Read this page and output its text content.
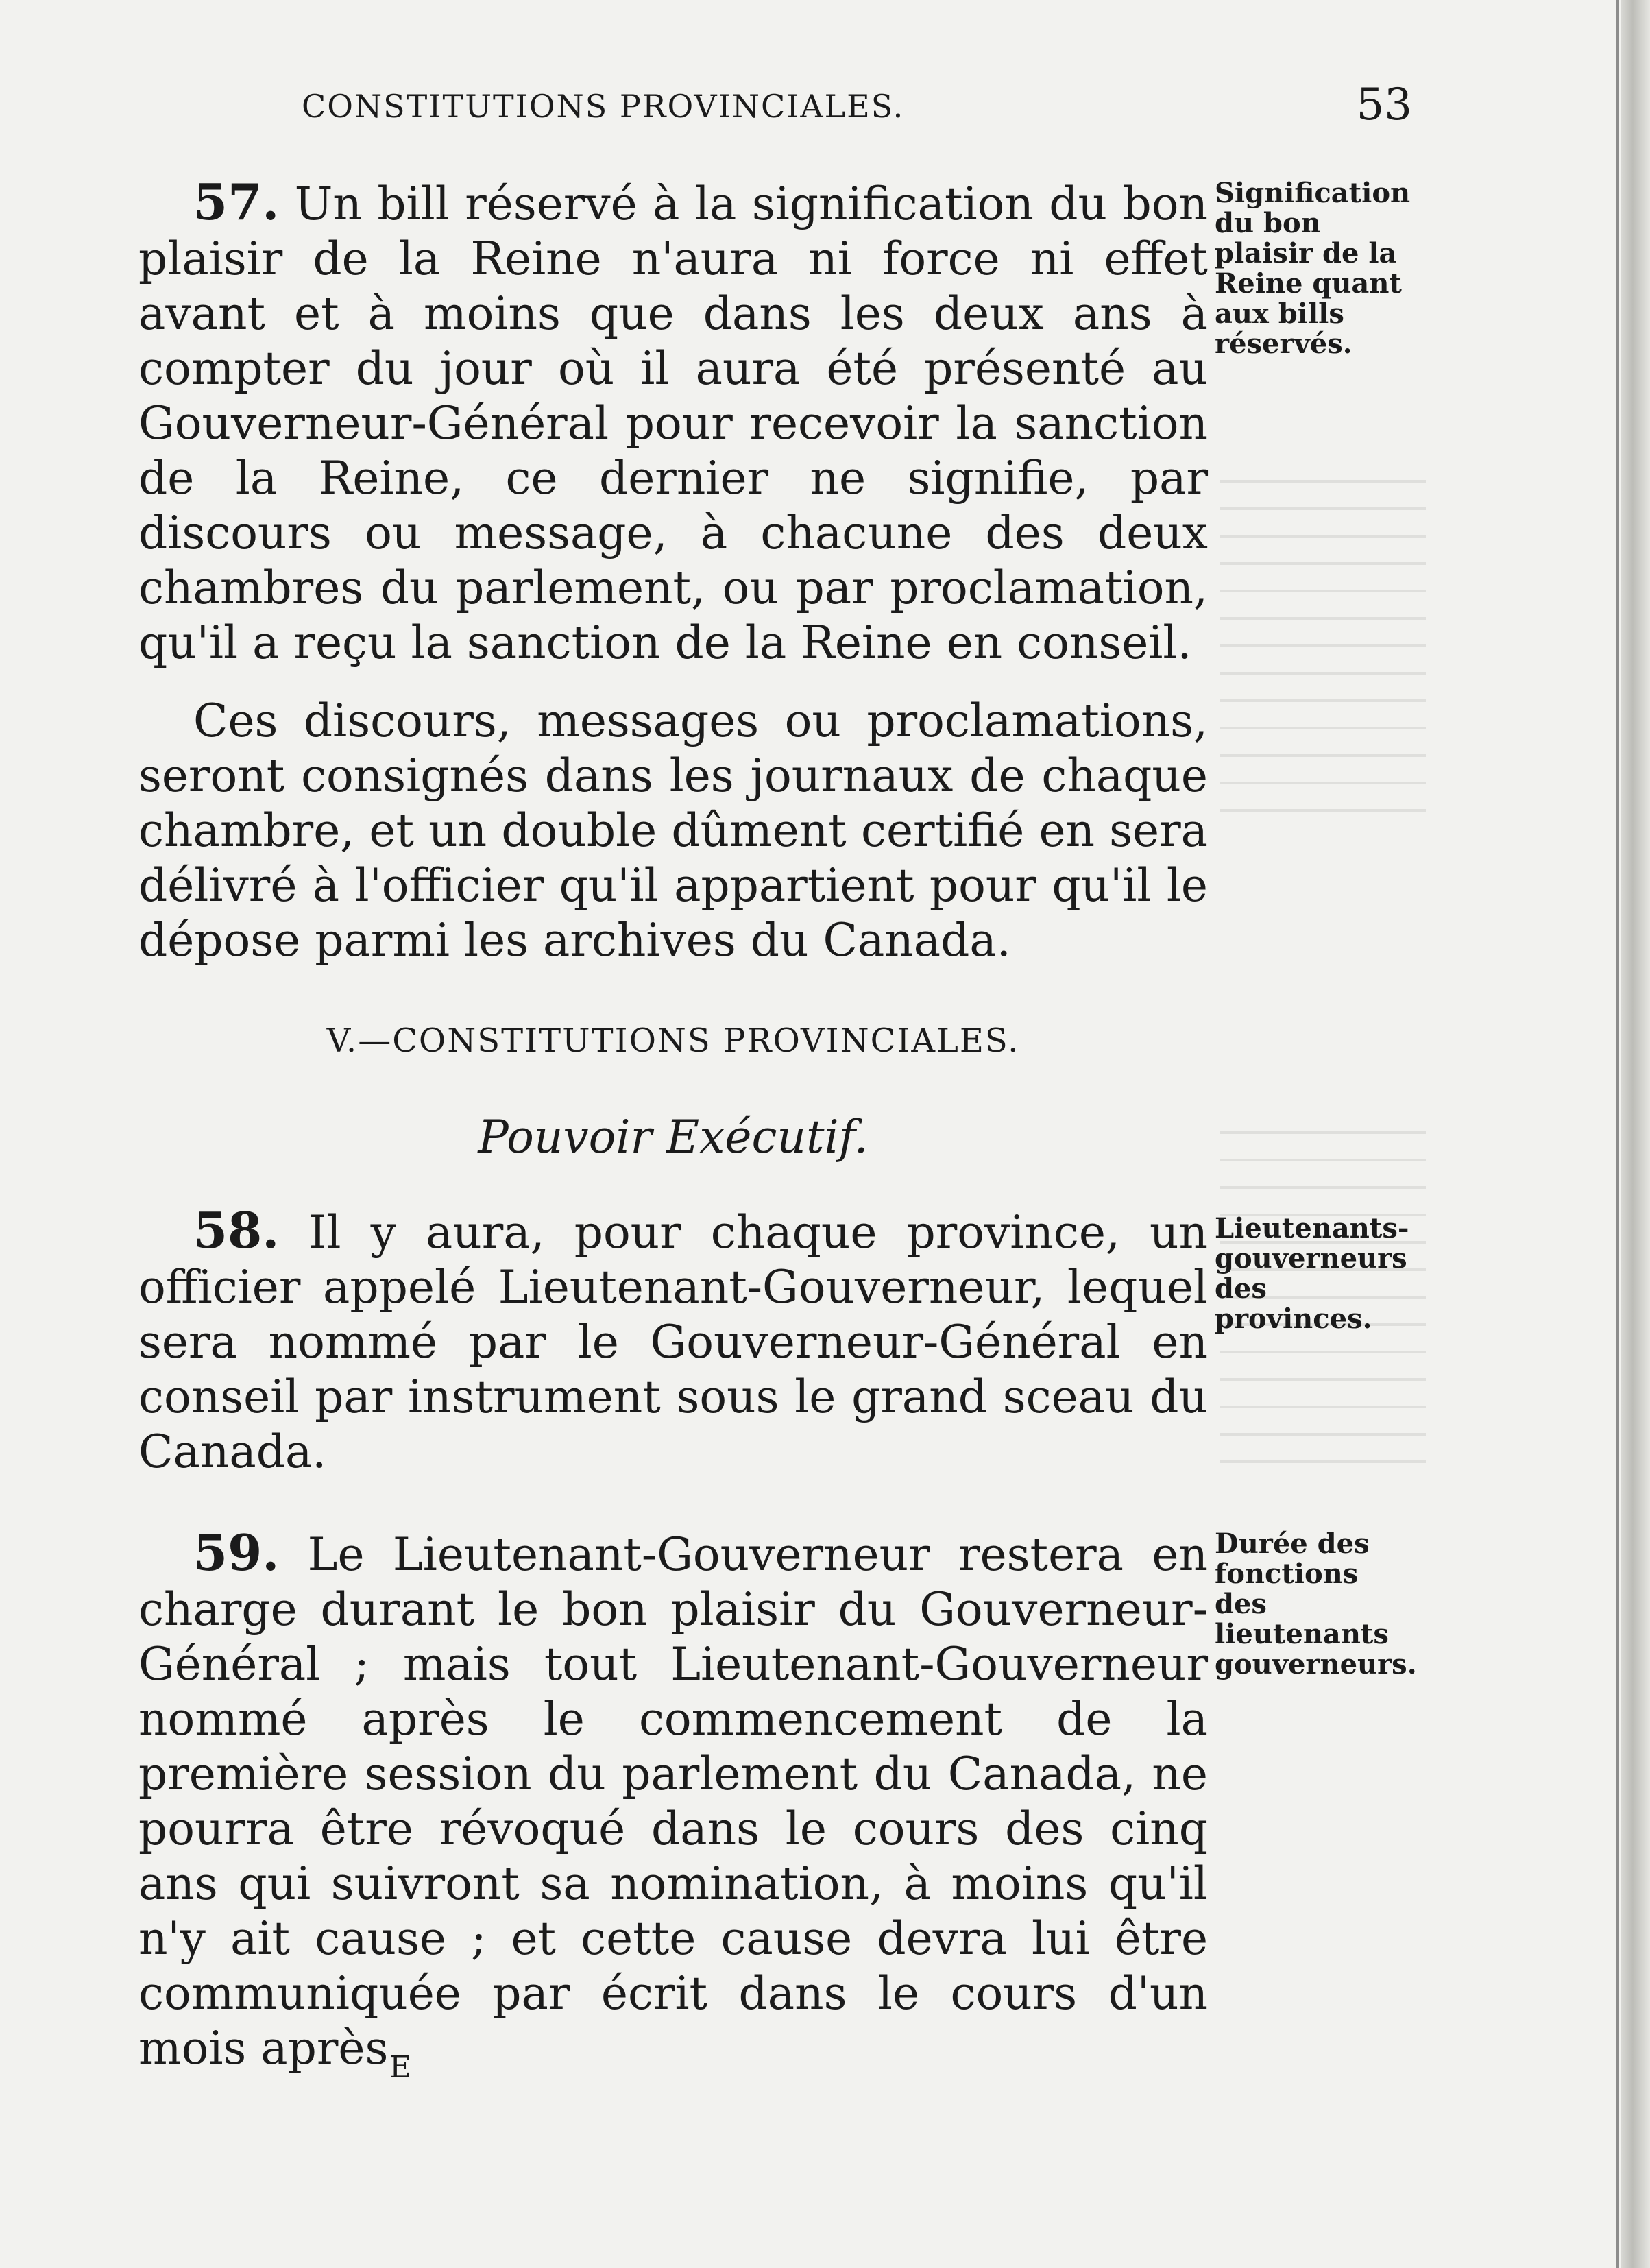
CONSTITUTIONS PROVINCIALES.	53

57. Un bill réservé à la signification du bon plaisir de la Reine n'aura ni force ni effet avant et à moins que dans les deux ans à compter du jour où il aura été présenté au Gouverneur-Général pour recevoir la sanction de la Reine, ce dernier ne signifie, par discours ou message, à chacune des deux chambres du parlement, ou par proclamation, qu'il a reçu la sanction de la Reine en conseil.

Ces discours, messages ou proclamations, seront consignés dans les journaux de chaque chambre, et un double dûment certifié en sera délivré à l'officier qu'il appartient pour qu'il le dépose parmi les archives du Canada.

Signification du bon plaisir de la Reine quant aux bills réservés.
V.—CONSTITUTIONS PROVINCIALES.
Pouvoir Exécutif.

58. Il y aura, pour chaque province, un officier appelé Lieutenant-Gouverneur, lequel sera nommé par le Gouverneur-Général en conseil par instrument sous le grand sceau du Canada.

Lieutenants-gouverneurs des provinces.

59. Le Lieutenant-Gouverneur restera en charge durant le bon plaisir du Gouverneur-Général ; mais tout Lieutenant-Gouverneur nommé après le commencement de la première session du parlement du Canada, ne pourra être révoqué dans le cours des cinq ans qui suivront sa nomination, à moins qu'il n'y ait cause ; et cette cause devra lui être communiquée par écrit dans le cours d'un mois après

Durée des fonctions des lieutenants gouverneurs.
E
